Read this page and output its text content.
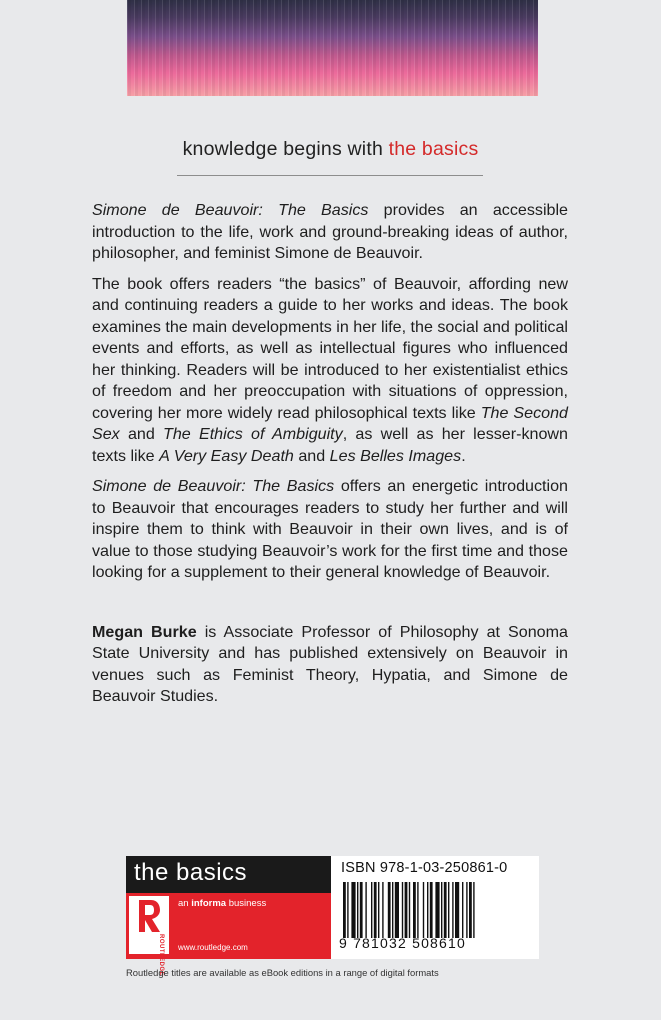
knowledge begins with the basics

Simone de Beauvoir: The Basics provides an accessible introduction to the life, work and ground-breaking ideas of author, philosopher, and feminist Simone de Beauvoir.

The book offers readers “the basics” of Beauvoir, affording new and continuing readers a guide to her works and ideas. The book examines the main developments in her life, the social and political events and efforts, as well as intellectual figures who influenced her thinking. Readers will be introduced to her existentialist ethics of freedom and her preoccupation with situations of oppression, covering her more widely read philosophical texts like The Second Sex and The Ethics of Ambiguity, as well as her lesser-known texts like A Very Easy Death and Les Belles Images.

Simone de Beauvoir: The Basics offers an energetic introduction to Beauvoir that encourages readers to study her further and will inspire them to think with Beauvoir in their own lives, and is of value to those studying Beauvoir’s work for the first time and those looking for a supplement to their general knowledge of Beauvoir.

Megan Burke is Associate Professor of Philosophy at Sonoma State University and has published extensively on Beauvoir in venues such as Feminist Theory, Hypatia, and Simone de Beauvoir Studies.

the basics
ROUTLEDGE
an informa business
www.routledge.com
ISBN 978-1-03-250861-0
9 781032 508610
Routledge titles are available as eBook editions in a range of digital formats
